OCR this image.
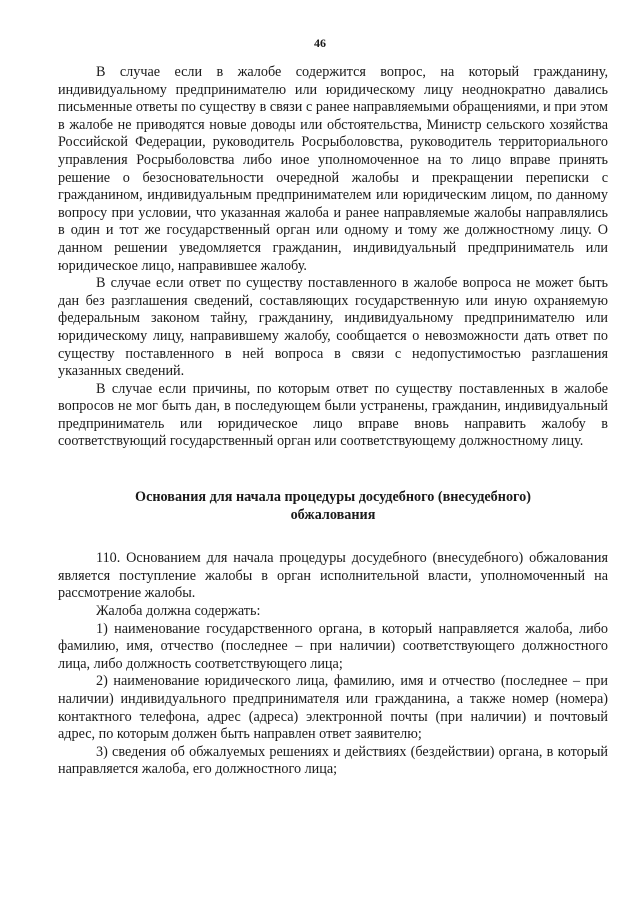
46

В случае если в жалобе содержится вопрос, на который гражданину, индивидуальному предпринимателю или юридическому лицу неоднократно давались письменные ответы по существу в связи с ранее направляемыми обращениями, и при этом в жалобе не приводятся новые доводы или обстоятельства, Министр сельского хозяйства Российской Федерации, руководитель Росрыболовства, руководитель территориального управления Росрыболовства либо иное уполномоченное на то лицо вправе принять решение о безосновательности очередной жалобы и прекращении переписки с гражданином, индивидуальным предпринимателем или юридическим лицом, по данному вопросу при условии, что указанная жалоба и ранее направляемые жалобы направлялись в один и тот же государственный орган или одному и тому же должностному лицу. О данном решении уведомляется гражданин, индивидуальный предприниматель или юридическое лицо, направившее жалобу.

В случае если ответ по существу поставленного в жалобе вопроса не может быть дан без разглашения сведений, составляющих государственную или иную охраняемую федеральным законом тайну, гражданину, индивидуальному предпринимателю или юридическому лицу, направившему жалобу, сообщается о невозможности дать ответ по существу поставленного в ней вопроса в связи с недопустимостью разглашения указанных сведений.

В случае если причины, по которым ответ по существу поставленных в жалобе вопросов не мог быть дан, в последующем были устранены, гражданин, индивидуальный предприниматель или юридическое лицо вправе вновь направить жалобу в соответствующий государственный орган или соответствующему должностному лицу.

Основания для начала процедуры досудебного (внесудебного)
обжалования

110. Основанием для начала процедуры досудебного (внесудебного) обжалования является поступление жалобы в орган исполнительной власти, уполномоченный на рассмотрение жалобы.

Жалоба должна содержать:

1) наименование государственного органа, в который направляется жалоба, либо фамилию, имя, отчество (последнее – при наличии) соответствующего должностного лица, либо должность соответствующего лица;

2) наименование юридического лица, фамилию, имя и отчество (последнее – при наличии) индивидуального предпринимателя или гражданина, а также номер (номера) контактного телефона, адрес (адреса) электронной почты (при наличии) и почтовый адрес, по которым должен быть направлен ответ заявителю;

3) сведения об обжалуемых решениях и действиях (бездействии) органа, в который направляется жалоба, его должностного лица;
